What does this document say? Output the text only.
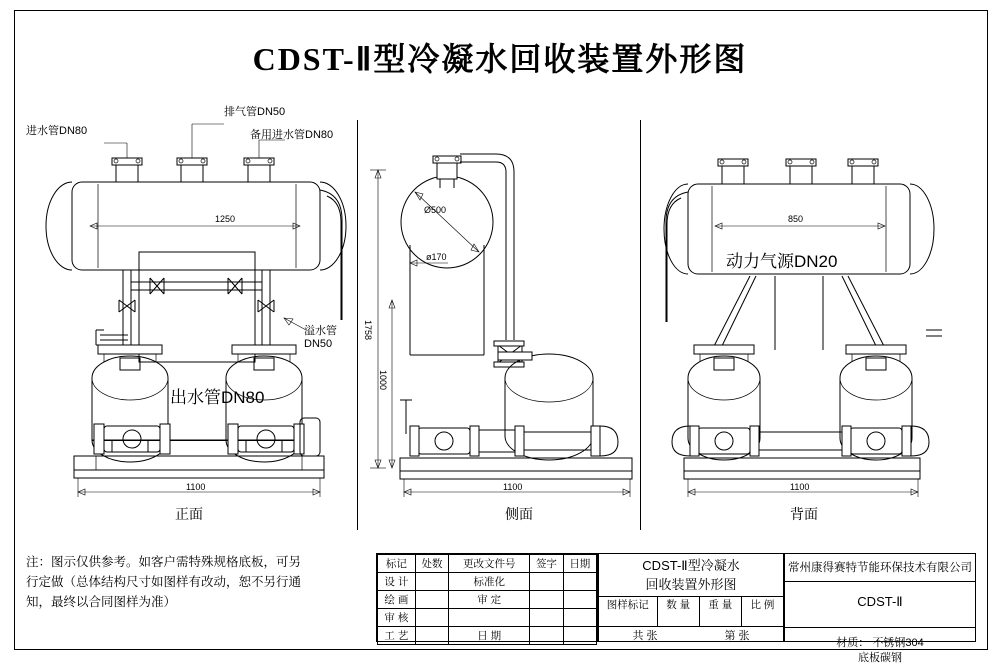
CDST-Ⅱ型冷凝水回收装置外形图
进水管DN80
排气管DN50
备用进水管DN80
1250
溢水管
DN50
出水管DN80
1100
正面
Ø500
ø170
1758
1000
1100
侧面
850
动力气源DN20
1100
背面
注：图示仅供参考。如客户需特殊规格底板，可另
行定做（总体结构尺寸如图样有改动，恕不另行通
知，最终以合同图样为准）
标记	处数	更改文件号	签字	日期
设 计		标准化		
绘 画		审 定		
审 核				
工 艺		日 期		
CDST-Ⅱ型冷凝水
回收装置外形图
图样标记	数 量	重 量	比 例
共 张	第 张
常州康得赛特节能环保技术有限公司
CDST-Ⅱ
材质： 不锈钢304
底板碳钢
